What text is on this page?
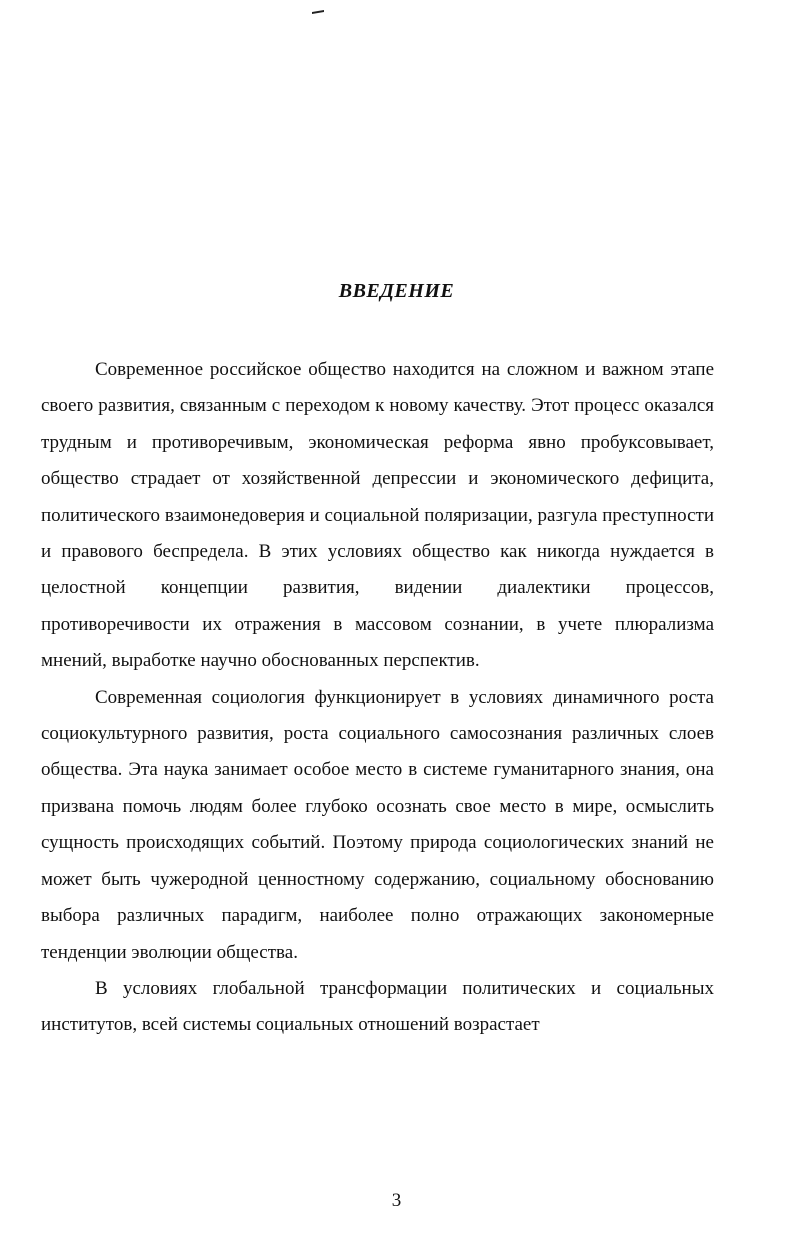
ВВЕДЕНИЕ

Современное российское общество находится на сложном и важном этапе своего развития, связанным с переходом к новому качеству. Этот процесс оказался трудным и противоречивым, экономическая реформа явно пробуксовывает, общество страдает от хозяйственной депрессии и экономического дефицита, политического взаимонедоверия и социальной поляризации, разгула преступности и правового беспредела. В этих условиях общество как никогда нуждается в целостной концепции развития, видении диалектики процессов, противоречивости их отражения в массовом сознании, в учете плюрализма мнений, выработке научно обоснованных перспектив.

Современная социология функционирует в условиях динамичного роста социокультурного развития, роста социального самосознания различных слоев общества. Эта наука занимает особое место в системе гуманитарного знания, она призвана помочь людям более глубоко осознать свое место в мире, осмыслить сущность происходящих событий. Поэтому природа социологических знаний не может быть чужеродной ценностному содержанию, социальному обоснованию выбора различных парадигм, наиболее полно отражающих закономерные тенденции эволюции общества.

В условиях глобальной трансформации политических и социальных институтов, всей системы социальных отношений возрастает

3
